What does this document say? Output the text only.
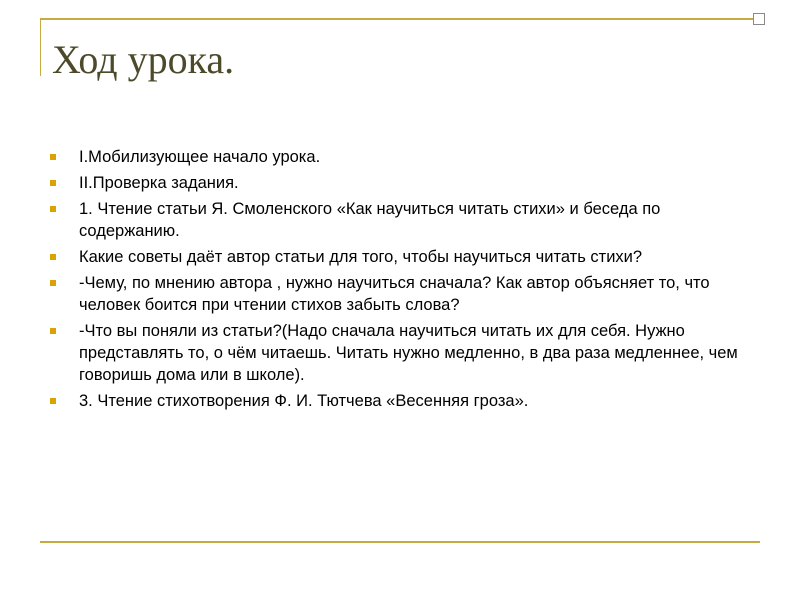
Ход урока.
I.Мобилизующее начало урока.
II.Проверка задания.
1. Чтение статьи Я. Смоленского «Как научиться читать стихи» и беседа по содержанию.
Какие советы даёт автор статьи для того, чтобы научиться читать стихи?
-Чему, по мнению автора , нужно научиться сначала? Как автор объясняет то, что человек боится при чтении стихов забыть слова?
-Что вы поняли из статьи?(Надо сначала научиться читать их для себя. Нужно представлять то, о чём читаешь. Читать нужно медленно, в два раза медленнее, чем говоришь дома или в школе).
3. Чтение стихотворения Ф. И. Тютчева «Весенняя гроза».
